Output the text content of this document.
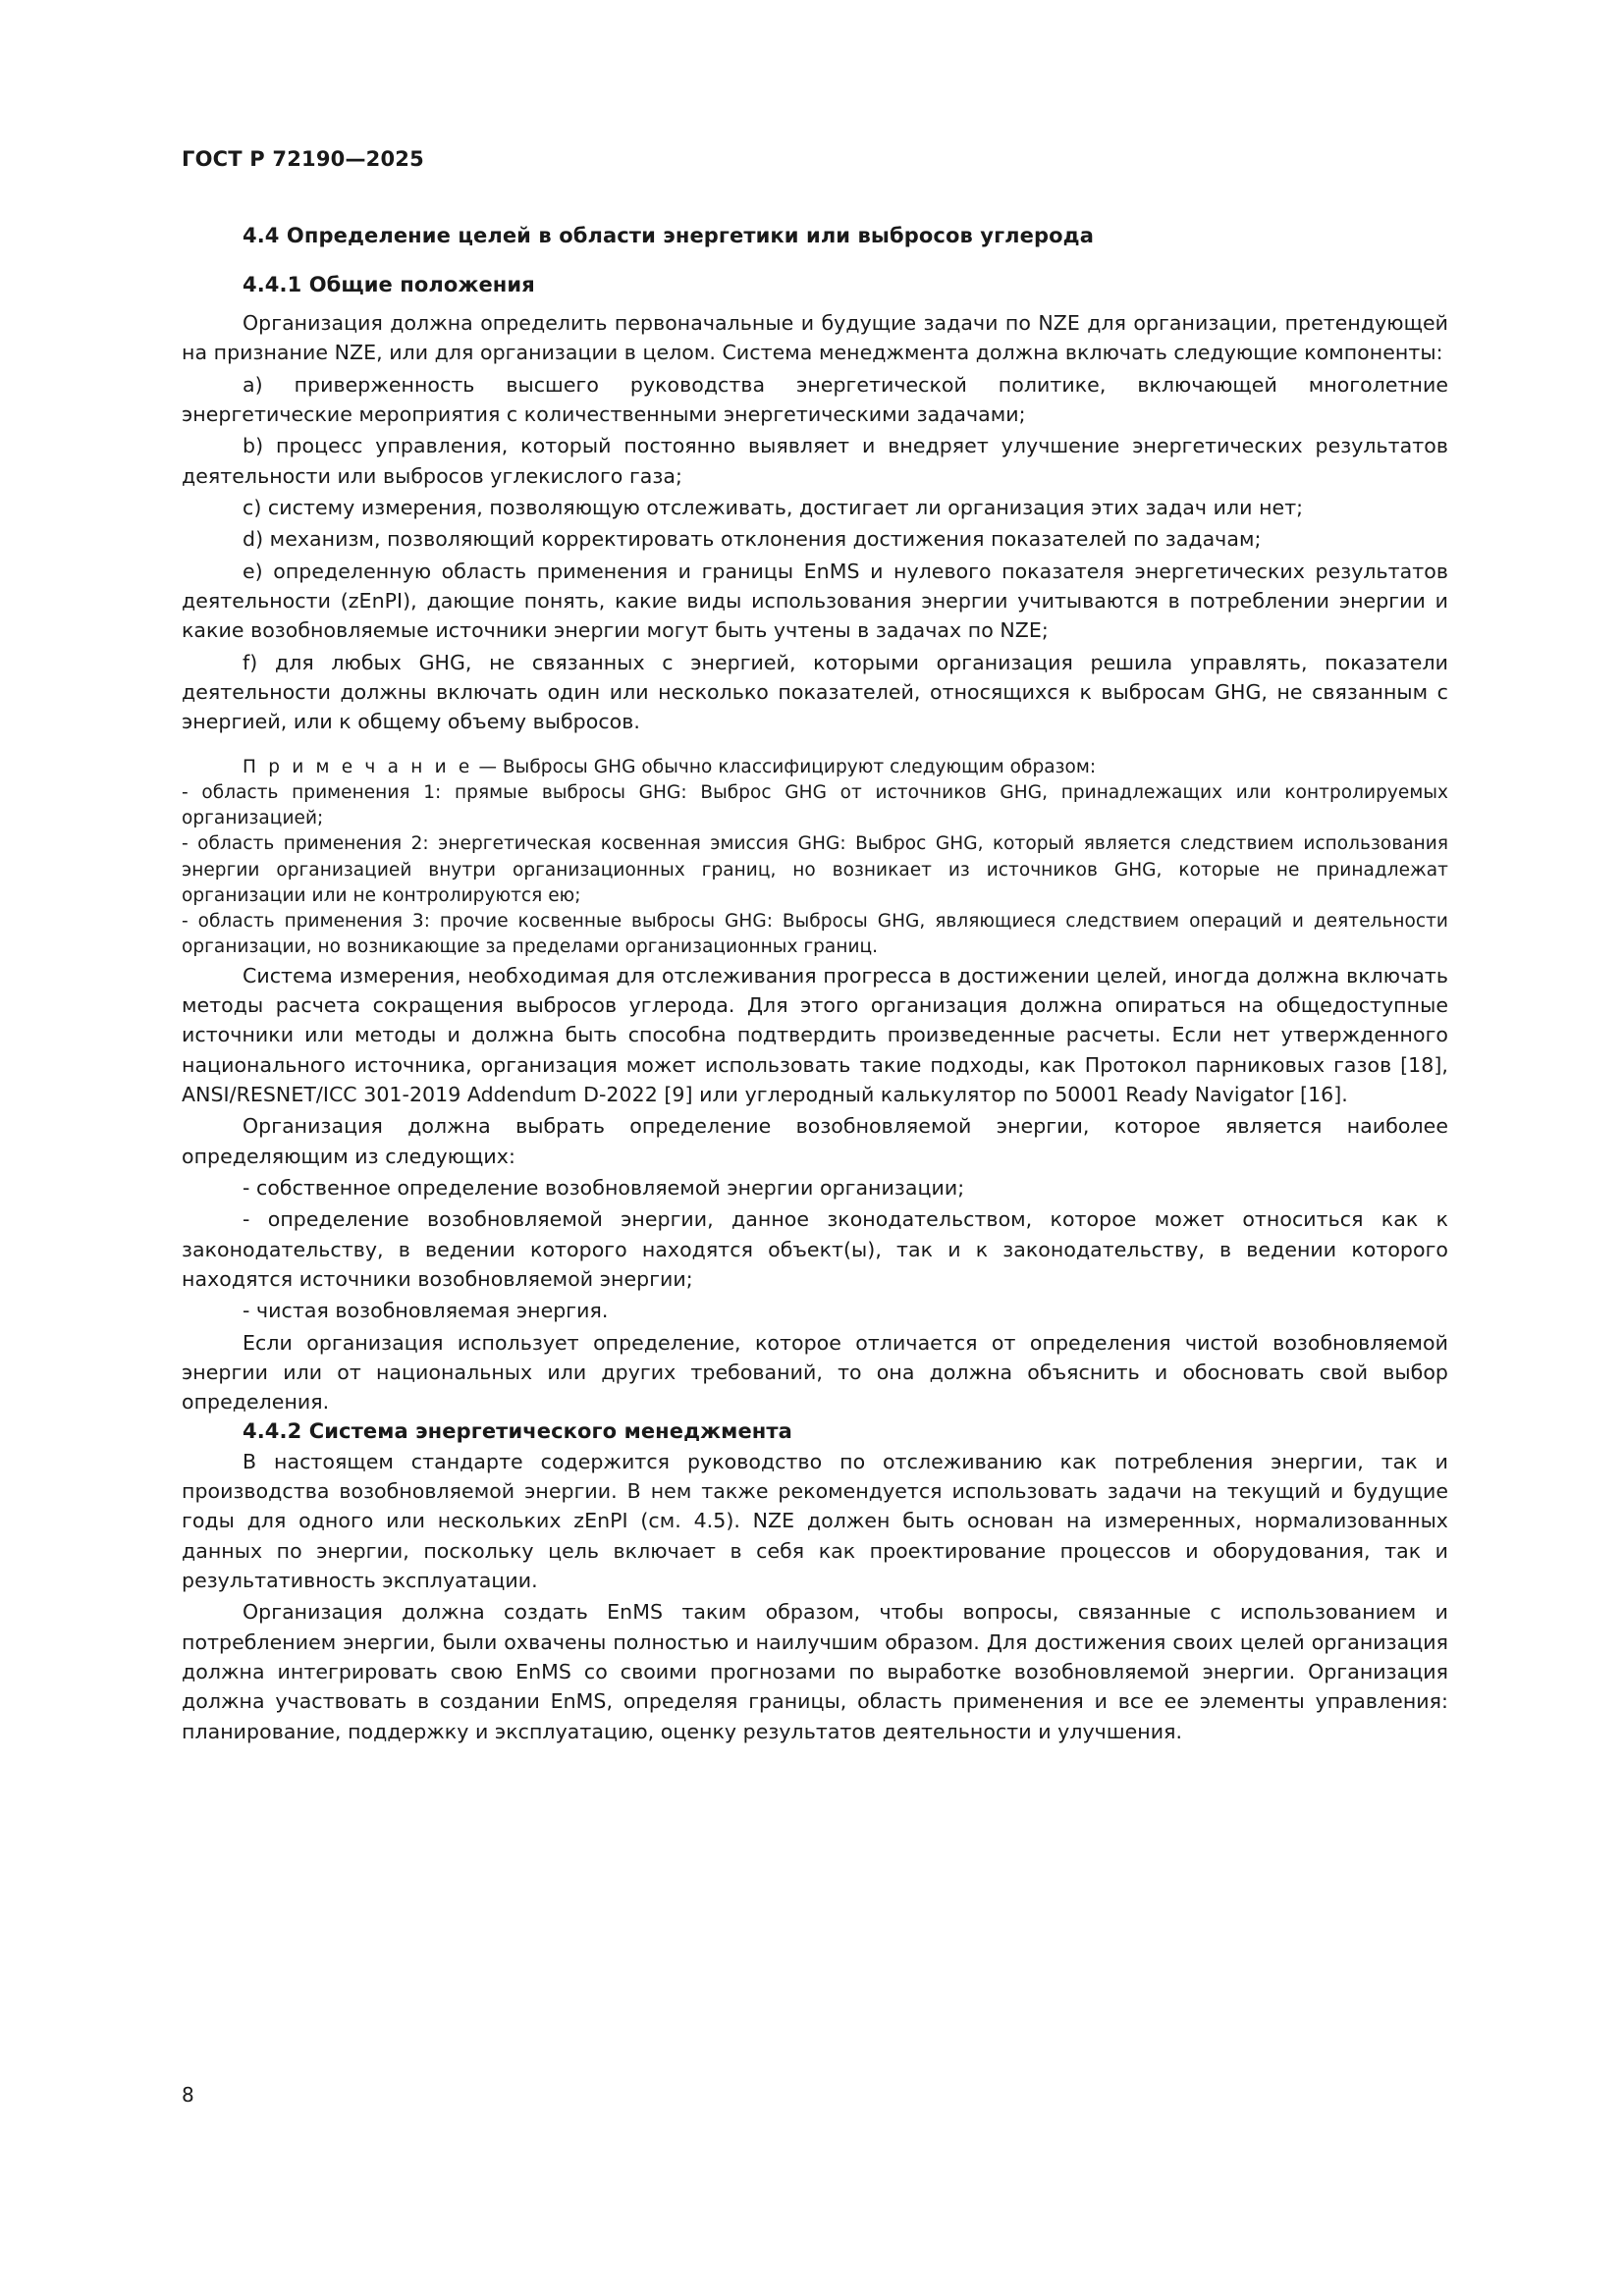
ГОСТ Р 72190—2025
4.4 Определение целей в области энергетики или выбросов углерода
4.4.1 Общие положения

Организация должна определить первоначальные и будущие задачи по NZE для организации, претендующей на признание NZE, или для организации в целом. Система менеджмента должна включать следующие компоненты:

a) приверженность высшего руководства энергетической политике, включающей многолетние энергетические мероприятия с количественными энергетическими задачами;

b) процесс управления, который постоянно выявляет и внедряет улучшение энергетических результатов деятельности или выбросов углекислого газа;

c) систему измерения, позволяющую отслеживать, достигает ли организация этих задач или нет;

d) механизм, позволяющий корректировать отклонения достижения показателей по задачам;

e) определенную область применения и границы EnMS и нулевого показателя энергетических результатов деятельности (zEnPI), дающие понять, какие виды использования энергии учитываются в потреблении энергии и какие возобновляемые источники энергии могут быть учтены в задачах по NZE;

f) для любых GHG, не связанных с энергией, которыми организация решила управлять, показатели деятельности должны включать один или несколько показателей, относящихся к выбросам GHG, не связанным с энергией, или к общему объему выбросов.

П р и м е ч а н и е — Выбросы GHG обычно классифицируют следующим образом:

- область применения 1: прямые выбросы GHG: Выброс GHG от источников GHG, принадлежащих или контролируемых организацией;

- область применения 2: энергетическая косвенная эмиссия GHG: Выброс GHG, который является следствием использования энергии организацией внутри организационных границ, но возникает из источников GHG, которые не принадлежат организации или не контролируются ею;

- область применения 3: прочие косвенные выбросы GHG: Выбросы GHG, являющиеся следствием операций и деятельности организации, но возникающие за пределами организационных границ.

Система измерения, необходимая для отслеживания прогресса в достижении целей, иногда должна включать методы расчета сокращения выбросов углерода. Для этого организация должна опираться на общедоступные источники или методы и должна быть способна подтвердить произведенные расчеты. Если нет утвержденного национального источника, организация может использовать такие подходы, как Протокол парниковых газов [18], ANSI/RESNET/ICC 301-2019 Addendum D-2022 [9] или углеродный калькулятор по 50001 Ready Navigator [16].

Организация должна выбрать определение возобновляемой энергии, которое является наиболее определяющим из следующих:

- собственное определение возобновляемой энергии организации;

- определение возобновляемой энергии, данное зконодательством, которое может относиться как к законодательству, в ведении которого находятся объект(ы), так и к законодательству, в ведении которого находятся источники возобновляемой энергии;

- чистая возобновляемая энергия.

Если организация использует определение, которое отличается от определения чистой возобновляемой энергии или от национальных или других требований, то она должна объяснить и обосновать свой выбор определения.

4.4.2 Система энергетического менеджмента

В настоящем стандарте содержится руководство по отслеживанию как потребления энергии, так и производства возобновляемой энергии. В нем также рекомендуется использовать задачи на текущий и будущие годы для одного или нескольких zEnPI (см. 4.5). NZE должен быть основан на измеренных, нормализованных данных по энергии, поскольку цель включает в себя как проектирование процессов и оборудования, так и результативность эксплуатации.

Организация должна создать EnMS таким образом, чтобы вопросы, связанные с использованием и потреблением энергии, были охвачены полностью и наилучшим образом. Для достижения своих целей организация должна интегрировать свою EnMS со своими прогнозами по выработке возобновляемой энергии. Организация должна участвовать в создании EnMS, определяя границы, область применения и все ее элементы управления: планирование, поддержку и эксплуатацию, оценку результатов деятельности и улучшения.

8
